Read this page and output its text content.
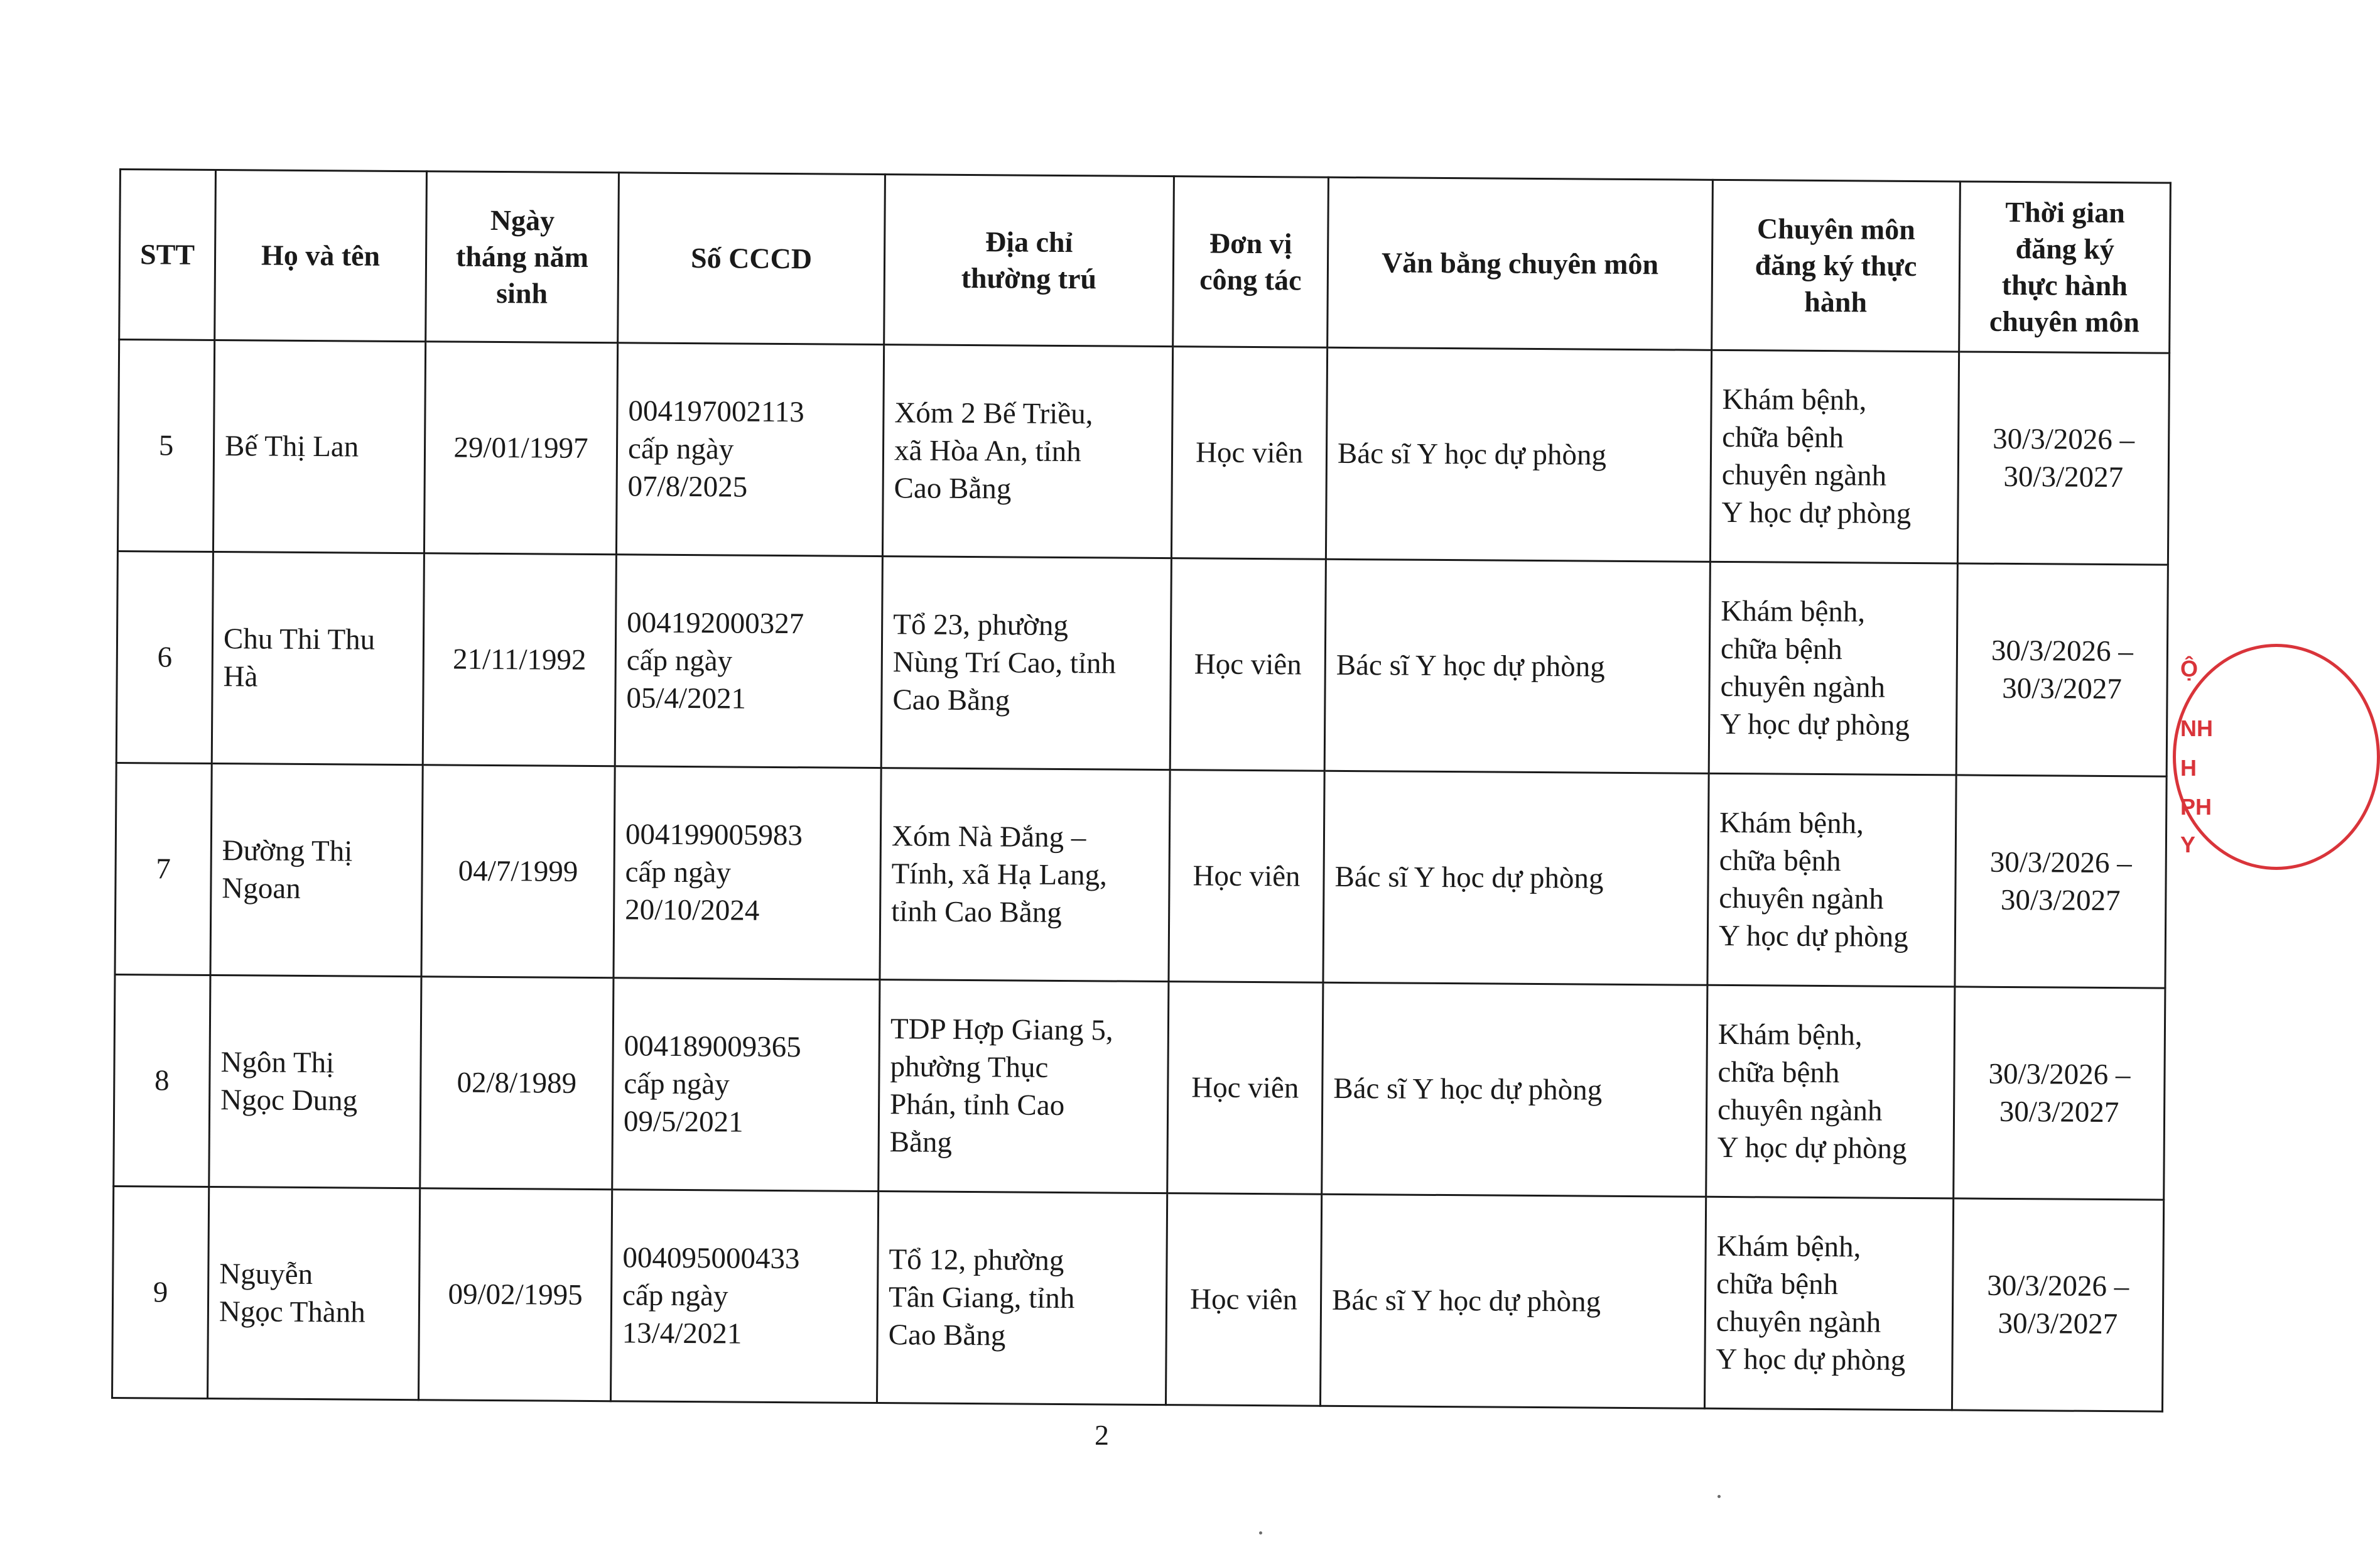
STT	Họ và tên	Ngày
tháng năm
sinh	Số CCCD	Địa chỉ
thường trú	Đơn vị
công tác	Văn bằng chuyên môn	Chuyên môn
đăng ký thực
hành	Thời gian
đăng ký
thực hành
chuyên môn
5	Bế Thị Lan	29/01/1997	004197002113
cấp ngày
07/8/2025	Xóm 2 Bế Triều,
xã Hòa An, tỉnh
Cao Bằng	Học viên	Bác sĩ Y học dự phòng	Khám bệnh,
chữa bệnh
chuyên ngành
Y học dự phòng	30/3/2026 –
30/3/2027
6	Chu Thi Thu
Hà	21/11/1992	004192000327
cấp ngày
05/4/2021	Tổ 23, phường
Nùng Trí Cao, tỉnh
Cao Bằng	Học viên	Bác sĩ Y học dự phòng	Khám bệnh,
chữa bệnh
chuyên ngành
Y học dự phòng	30/3/2026 –
30/3/2027
7	Đường Thị
Ngoan	04/7/1999	004199005983
cấp ngày
20/10/2024	Xóm Nà Đắng –
Tính, xã Hạ Lang,
tỉnh Cao Bằng	Học viên	Bác sĩ Y học dự phòng	Khám bệnh,
chữa bệnh
chuyên ngành
Y học dự phòng	30/3/2026 –
30/3/2027
8	Ngôn Thị
Ngọc Dung	02/8/1989	004189009365
cấp ngày
09/5/2021	TDP Hợp Giang 5,
phường Thục
Phán, tỉnh Cao
Bằng	Học viên	Bác sĩ Y học dự phòng	Khám bệnh,
chữa bệnh
chuyên ngành
Y học dự phòng	30/3/2026 –
30/3/2027
9	Nguyễn
Ngọc Thành	09/02/1995	004095000433
cấp ngày
13/4/2021	Tổ 12, phường
Tân Giang, tỉnh
Cao Bằng	Học viên	Bác sĩ Y học dự phòng	Khám bệnh,
chữa bệnh
chuyên ngành
Y học dự phòng	30/3/2026 –
30/3/2027
2
Ộ
NH
H
PH
Y
